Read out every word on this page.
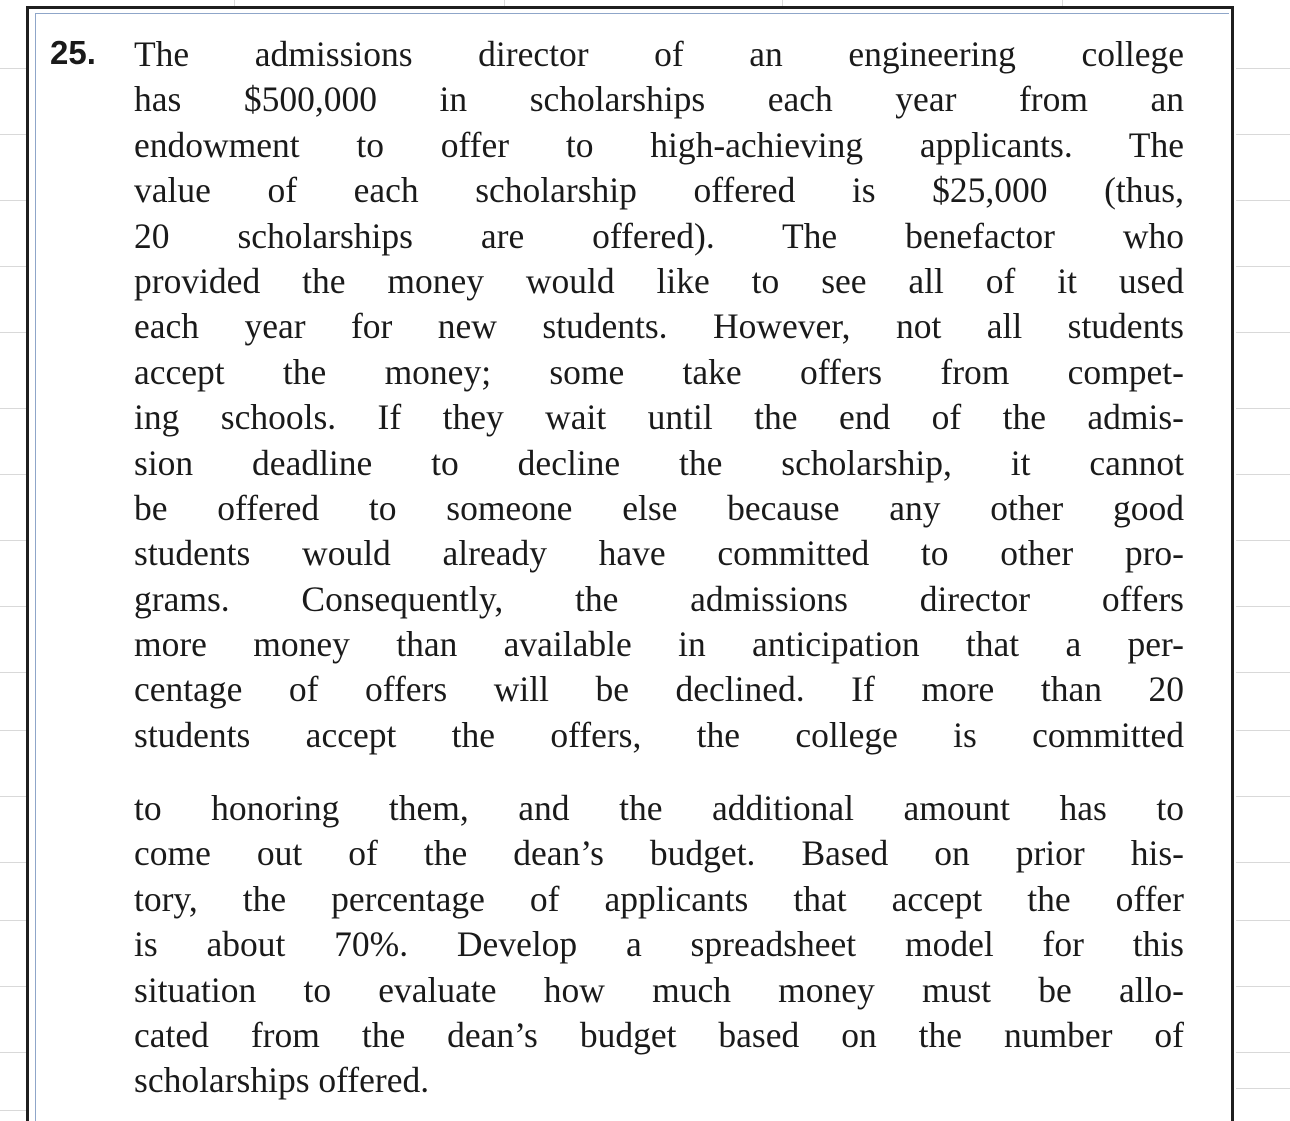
25. The admissions director of an engineering college
has $500,000 in scholarships each year from an
endowment to offer to high-achieving applicants. The
value of each scholarship offered is $25,000 (thus,
20 scholarships are offered). The benefactor who
provided the money would like to see all of it used
each year for new students. However, not all students
accept the money; some take offers from compet-
ing schools. If they wait until the end of the admis-
sion deadline to decline the scholarship, it cannot
be offered to someone else because any other good
students would already have committed to other pro-
grams. Consequently, the admissions director offers
more money than available in anticipation that a per-
centage of offers will be declined. If more than 20
students accept the offers, the college is committed
to honoring them, and the additional amount has to
come out of the dean’s budget. Based on prior his-
tory, the percentage of applicants that accept the offer
is about 70%. Develop a spreadsheet model for this
situation to evaluate how much money must be allo-
cated from the dean’s budget based on the number of
scholarships offered.
